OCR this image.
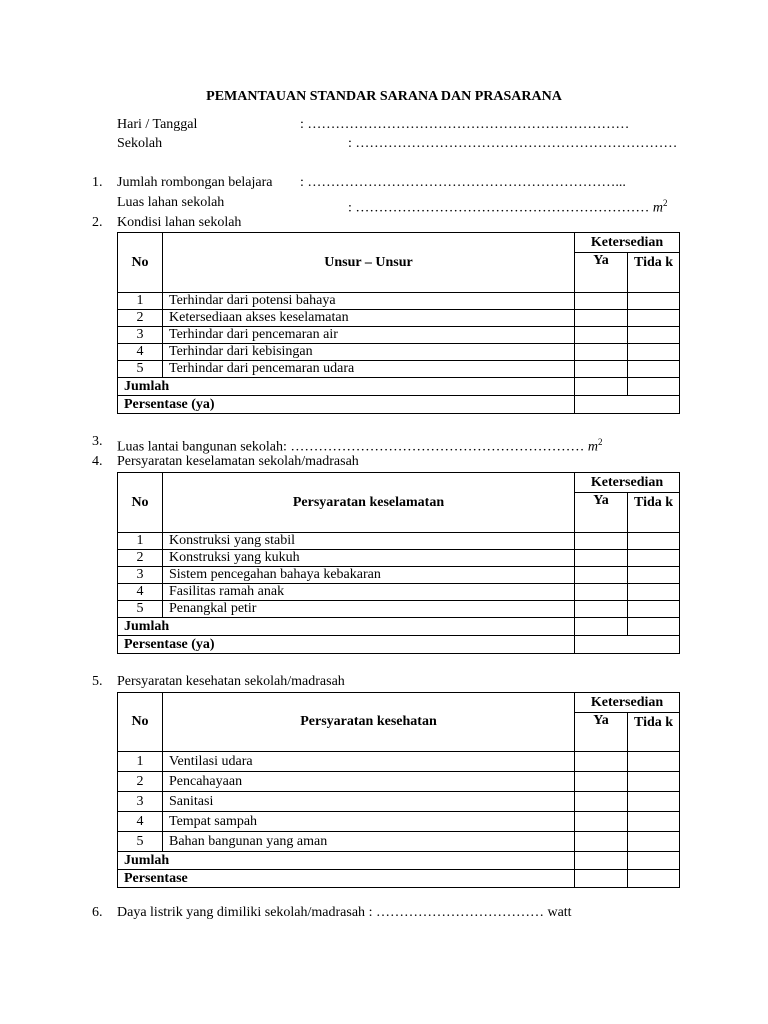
PEMANTAUAN STANDAR SARANA DAN PRASARANA
Hari / Tanggal	: ……………………………………………………………
Sekolah	: ……………………………………………………………
1. Jumlah rombongan belajara : …………………………………………………………...
Luas lahan sekolah	: ……………………………………………………… $m^2$
2. Kondisi lahan sekolah
No	Unsur – Unsur	Ketersedian	
		Ya	Tida k
1	Terhindar dari potensi bahaya		
2	Ketersediaan akses keselamatan		
3	Terhindar dari pencemaran air		
4	Terhindar dari kebisingan		
5	Terhindar dari pencemaran udara		
Jumlah			
Persentase (ya)			
3. Luas lantai bangunan sekolah: ……………………………………………………… $m^2$
4. Persyaratan keselamatan sekolah/madrasah
No	Persyaratan keselamatan	Ketersedian	
		Ya	Tida k
1	Konstruksi yang stabil		
2	Konstruksi yang kukuh		
3	Sistem pencegahan bahaya kebakaran		
4	Fasilitas ramah anak		
5	Penangkal petir		
Jumlah			
Persentase (ya)			
5. Persyaratan kesehatan sekolah/madrasah
No	Persyaratan kesehatan	Ketersedian	
		Ya	Tida k
1	Ventilasi udara		
2	Pencahayaan		
3	Sanitasi		
4	Tempat sampah		
5	Bahan bangunan yang aman		
Jumlah			
Persentase			
6. Daya listrik yang dimiliki sekolah/madrasah : ……………………………… watt
